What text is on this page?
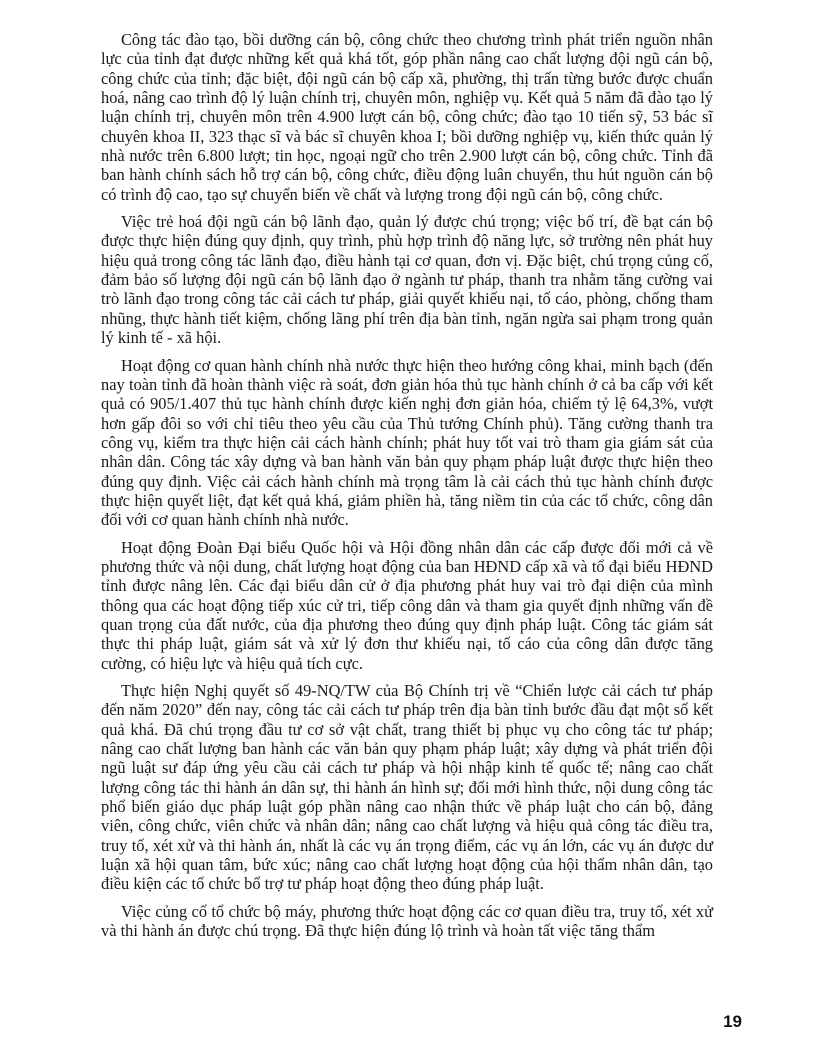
Công tác đào tạo, bồi dưỡng cán bộ, công chức theo chương trình phát triển nguồn nhân lực của tỉnh đạt được những kết quả khá tốt, góp phần nâng cao chất lượng đội ngũ cán bộ, công chức của tỉnh; đặc biệt, đội ngũ cán bộ cấp xã, phường, thị trấn từng bước được chuẩn hoá, nâng cao trình độ lý luận chính trị, chuyên môn, nghiệp vụ. Kết quả 5 năm đã đào tạo lý luận chính trị, chuyên môn trên 4.900 lượt cán bộ, công chức; đào tạo 10 tiến sỹ, 53 bác sĩ chuyên khoa II, 323 thạc sĩ và bác sĩ chuyên khoa I; bồi dưỡng nghiệp vụ, kiến thức quản lý nhà nước trên 6.800 lượt; tin học, ngoại ngữ cho trên 2.900 lượt cán bộ, công chức. Tỉnh đã ban hành chính sách hỗ trợ cán bộ, công chức, điều động luân chuyển, thu hút nguồn cán bộ có trình độ cao, tạo sự chuyển biến về chất và lượng trong đội ngũ cán bộ, công chức.

Việc trẻ hoá đội ngũ cán bộ lãnh đạo, quản lý được chú trọng; việc bố trí, đề bạt cán bộ được thực hiện đúng quy định, quy trình, phù hợp trình độ năng lực, sở trường nên phát huy hiệu quả trong công tác lãnh đạo, điều hành tại cơ quan, đơn vị. Đặc biệt, chú trọng củng cố, đảm bảo số lượng đội ngũ cán bộ lãnh đạo ở ngành tư pháp, thanh tra nhằm tăng cường vai trò lãnh đạo trong công tác cải cách tư pháp, giải quyết khiếu nại, tố cáo, phòng, chống tham nhũng, thực hành tiết kiệm, chống lãng phí trên địa bàn tỉnh, ngăn ngừa sai phạm trong quản lý kinh tế - xã hội.

Hoạt động cơ quan hành chính nhà nước thực hiện theo hướng công khai, minh bạch (đến nay toàn tỉnh đã hoàn thành việc rà soát, đơn giản hóa thủ tục hành chính ở cả ba cấp với kết quả có 905/1.407 thủ tục hành chính được kiến nghị đơn giản hóa, chiếm tỷ lệ 64,3%, vượt hơn gấp đôi so với chỉ tiêu theo yêu cầu của Thủ tướng Chính phủ). Tăng cường thanh tra công vụ, kiểm tra thực hiện cải cách hành chính; phát huy tốt vai trò tham gia giám sát của nhân dân. Công tác xây dựng và ban hành văn bản quy phạm pháp luật được thực hiện theo đúng quy định. Việc cải cách hành chính mà trọng tâm là cải cách thủ tục hành chính được thực hiện quyết liệt, đạt kết quả khá, giảm phiền hà, tăng niềm tin của các tổ chức, công dân đối với cơ quan hành chính nhà nước.

Hoạt động Đoàn Đại biểu Quốc hội và Hội đồng nhân dân các cấp được đổi mới cả về phương thức và nội dung, chất lượng hoạt động của ban HĐND cấp xã và tổ đại biểu HĐND tỉnh được nâng lên. Các đại biểu dân cử ở địa phương phát huy vai trò đại diện của mình thông qua các hoạt động tiếp xúc cử tri, tiếp công dân và tham gia quyết định những vấn đề quan trọng của đất nước, của địa phương theo đúng quy định pháp luật. Công tác giám sát thực thi pháp luật, giám sát và xử lý đơn thư khiếu nại, tố cáo của công dân được tăng cường, có hiệu lực và hiệu quả tích cực.

Thực hiện Nghị quyết số 49-NQ/TW của Bộ Chính trị về “Chiến lược cải cách tư pháp đến năm 2020” đến nay, công tác cải cách tư pháp trên địa bàn tỉnh bước đầu đạt một số kết quả khá. Đã chú trọng đầu tư cơ sở vật chất, trang thiết bị phục vụ cho công tác tư pháp; nâng cao chất lượng ban hành các văn bản quy phạm pháp luật; xây dựng và phát triển đội ngũ luật sư đáp ứng yêu cầu cải cách tư pháp và hội nhập kinh tế quốc tế; nâng cao chất lượng công tác thi hành án dân sự, thi hành án hình sự; đổi mới hình thức, nội dung công tác phổ biến giáo dục pháp luật góp phần nâng cao nhận thức về pháp luật cho cán bộ, đảng viên, công chức, viên chức và nhân dân; nâng cao chất lượng và hiệu quả công tác điều tra, truy tố, xét xử và thi hành án, nhất là các vụ án trọng điểm, các vụ án lớn, các vụ án được dư luận xã hội quan tâm, bức xúc; nâng cao chất lượng hoạt động của hội thẩm nhân dân, tạo điều kiện các tổ chức bổ trợ tư pháp hoạt động theo đúng pháp luật.

Việc củng cố tổ chức bộ máy, phương thức hoạt động các cơ quan điều tra, truy tố, xét xử và thi hành án được chú trọng. Đã thực hiện đúng lộ trình và hoàn tất việc tăng thẩm

19
